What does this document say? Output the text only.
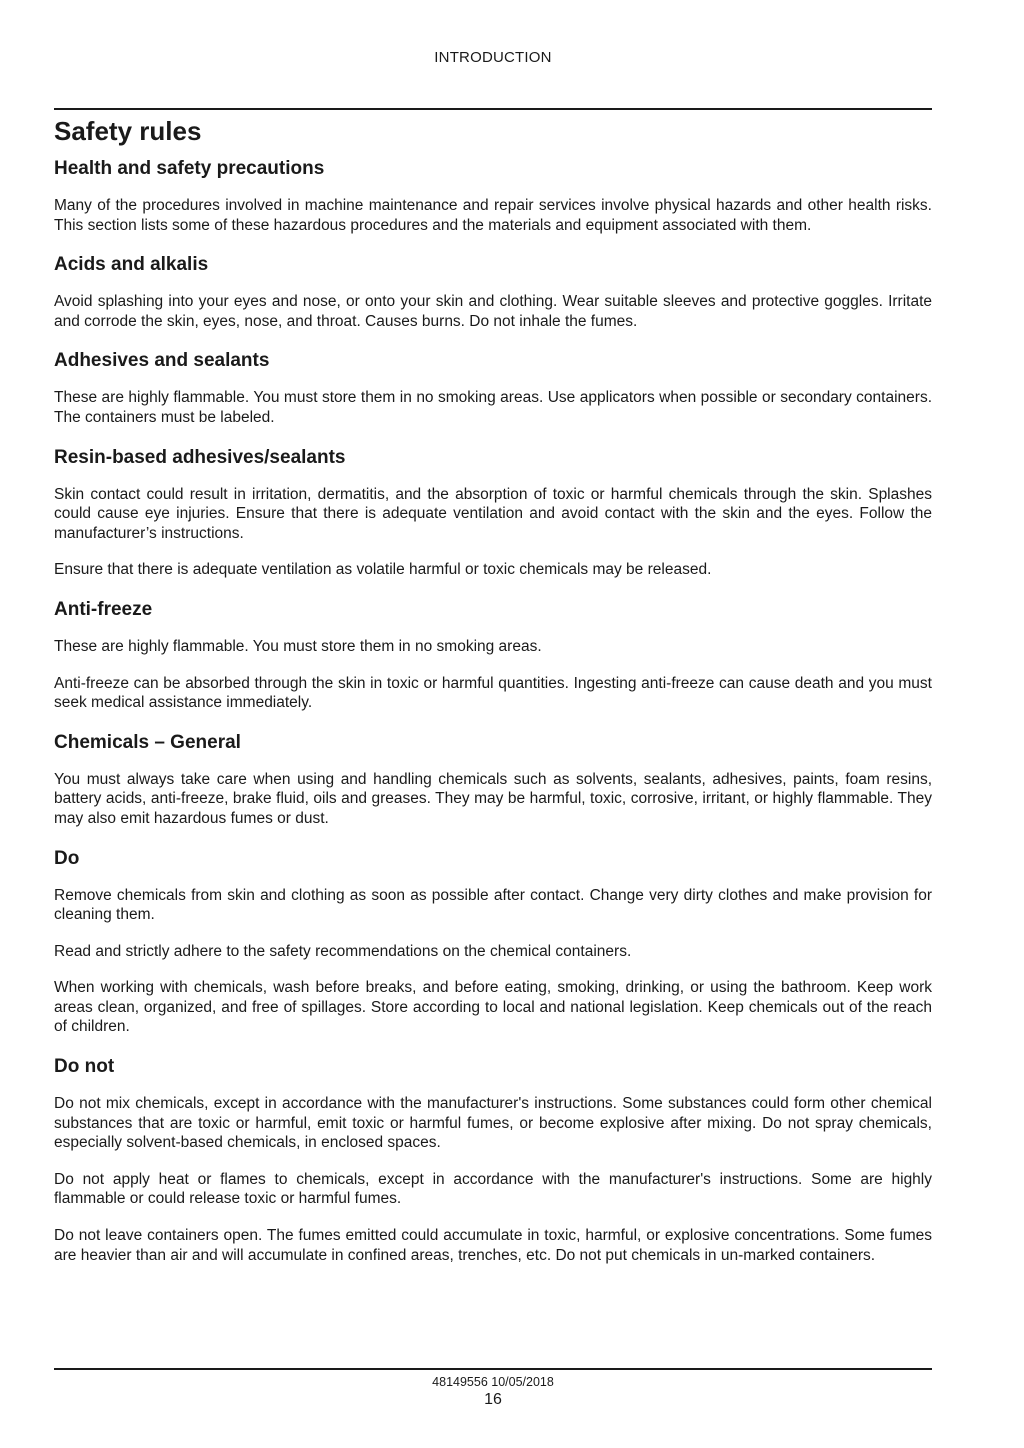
INTRODUCTION
Safety rules
Health and safety precautions

Many of the procedures involved in machine maintenance and repair services involve physical hazards and other health risks. This section lists some of these hazardous procedures and the materials and equipment associated with them.

Acids and alkalis

Avoid splashing into your eyes and nose, or onto your skin and clothing. Wear suitable sleeves and protective goggles. Irritate and corrode the skin, eyes, nose, and throat. Causes burns. Do not inhale the fumes.

Adhesives and sealants

These are highly flammable. You must store them in no smoking areas. Use applicators when possible or secondary containers. The containers must be labeled.

Resin-based adhesives/sealants

Skin contact could result in irritation, dermatitis, and the absorption of toxic or harmful chemicals through the skin. Splashes could cause eye injuries. Ensure that there is adequate ventilation and avoid contact with the skin and the eyes. Follow the manufacturer’s instructions.

Ensure that there is adequate ventilation as volatile harmful or toxic chemicals may be released.

Anti-freeze

These are highly flammable. You must store them in no smoking areas.

Anti-freeze can be absorbed through the skin in toxic or harmful quantities. Ingesting anti-freeze can cause death and you must seek medical assistance immediately.

Chemicals – General

You must always take care when using and handling chemicals such as solvents, sealants, adhesives, paints, foam resins, battery acids, anti-freeze, brake fluid, oils and greases. They may be harmful, toxic, corrosive, irritant, or highly flammable. They may also emit hazardous fumes or dust.

Do

Remove chemicals from skin and clothing as soon as possible after contact. Change very dirty clothes and make provision for cleaning them.

Read and strictly adhere to the safety recommendations on the chemical containers.

When working with chemicals, wash before breaks, and before eating, smoking, drinking, or using the bathroom. Keep work areas clean, organized, and free of spillages. Store according to local and national legislation. Keep chemicals out of the reach of children.

Do not

Do not mix chemicals, except in accordance with the manufacturer's instructions. Some substances could form other chemical substances that are toxic or harmful, emit toxic or harmful fumes, or become explosive after mixing. Do not spray chemicals, especially solvent-based chemicals, in enclosed spaces.

Do not apply heat or flames to chemicals, except in accordance with the manufacturer's instructions. Some are highly flammable or could release toxic or harmful fumes.

Do not leave containers open. The fumes emitted could accumulate in toxic, harmful, or explosive concentrations. Some fumes are heavier than air and will accumulate in confined areas, trenches, etc. Do not put chemicals in un-marked containers.

48149556 10/05/2018
16
